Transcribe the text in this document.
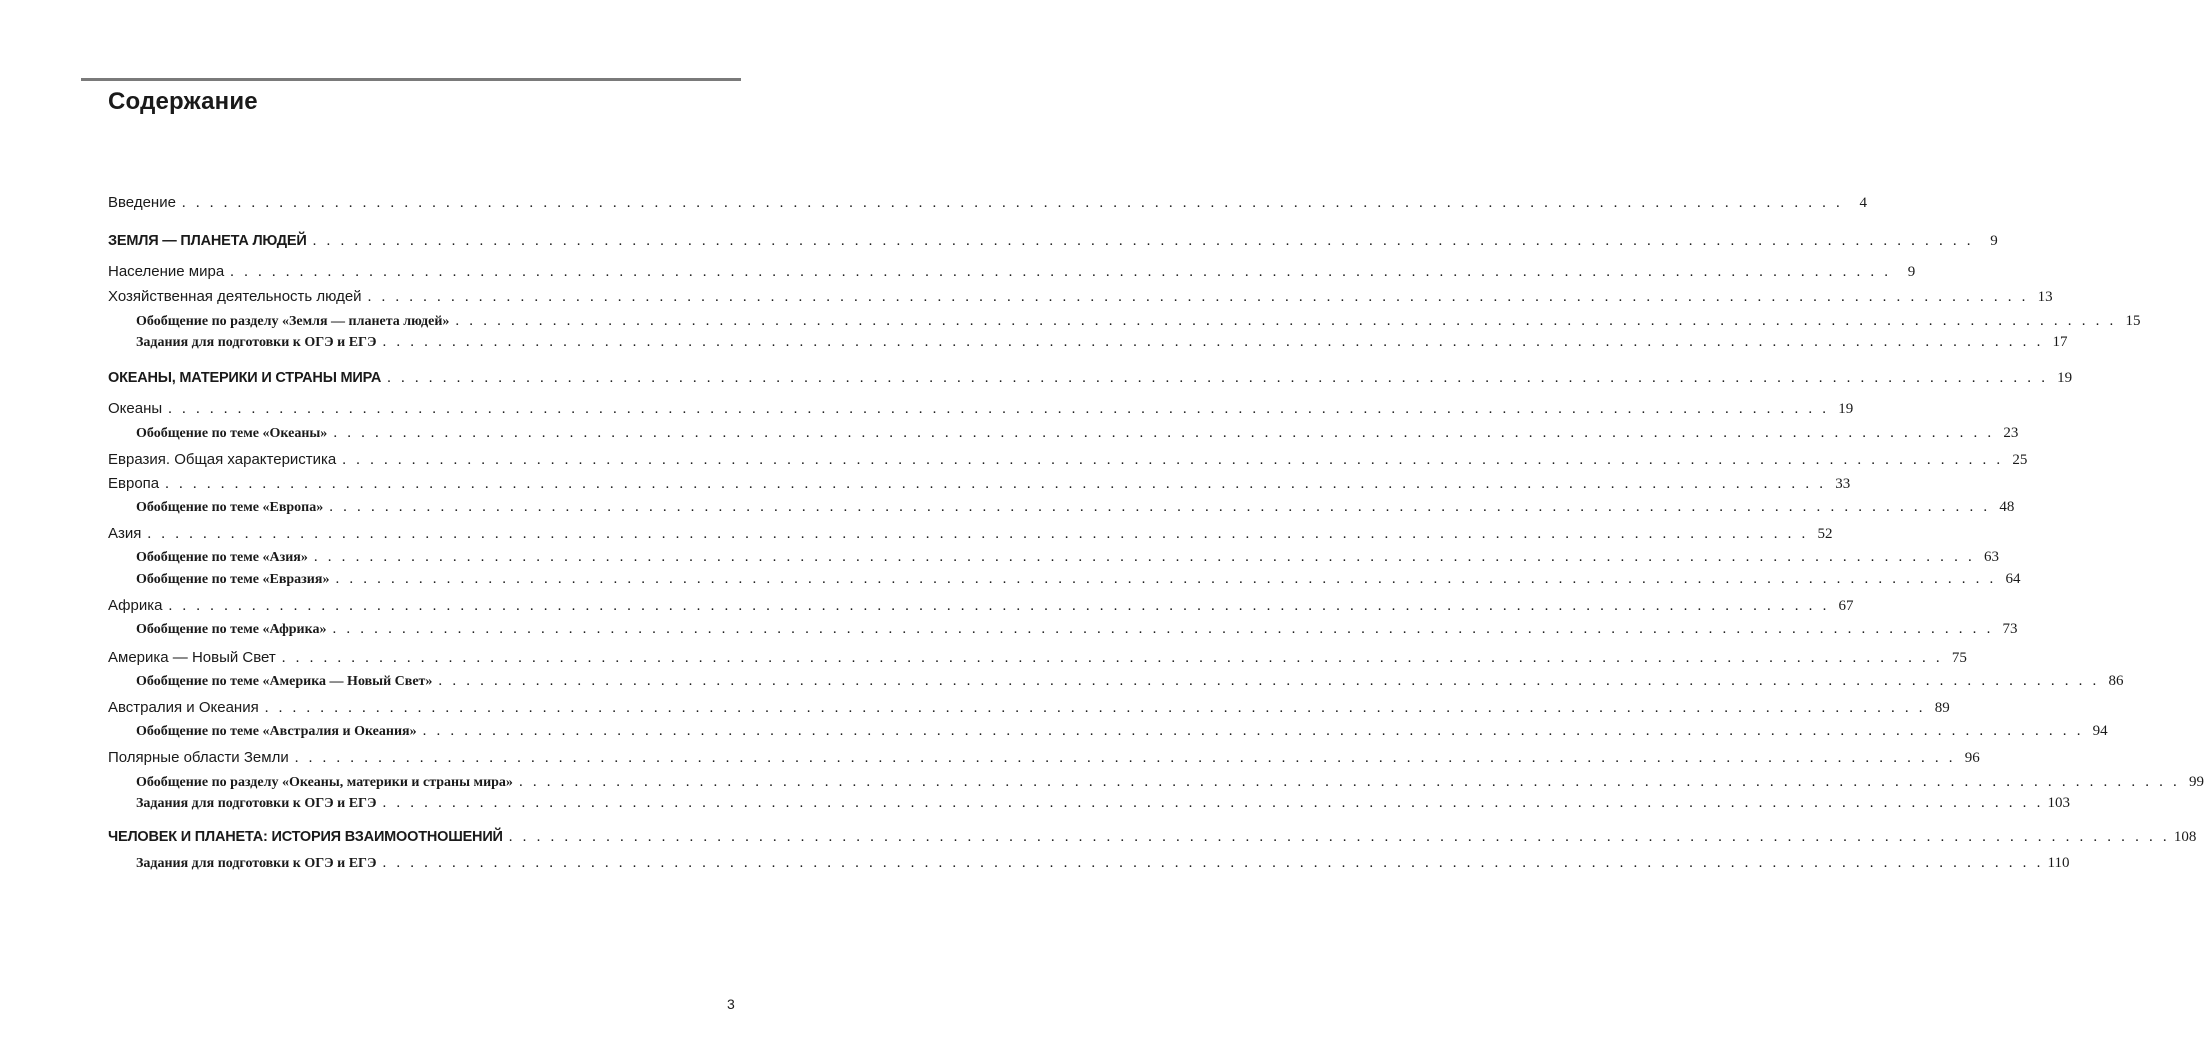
Содержание
Введение . . . . . . . . . . . . . . . . . . . . . . . . . . . . . . . . . . . . . . . . . . . . . . . . . . . . . . . . . . . . . . . . . . . . . . . . . . . . . . . . . . . . . . . . . . . . . . . . . . . . . . . . . . . . . . . . . . . . . . . .	4
ЗЕМЛЯ — ПЛАНЕТА ЛЮДЕЙ . . . . . . . . . . . . . . . . . . . . . . . . . . . . . . . . . . . . . . . . . . . . . . . . . . . . . . . . . . . . . . . . . . . . . . . . . . . . . . . . . . . . . . . . . . . . . . . . . . . . . . . . . . . . . . . . . . . . . . . .	9
Население мира . . . . . . . . . . . . . . . . . . . . . . . . . . . . . . . . . . . . . . . . . . . . . . . . . . . . . . . . . . . . . . . . . . . . . . . . . . . . . . . . . . . . . . . . . . . . . . . . . . . . . . . . . . . . . . . . . . . . . . . .	9
Хозяйственная деятельность людей . . . . . . . . . . . . . . . . . . . . . . . . . . . . . . . . . . . . . . . . . . . . . . . . . . . . . . . . . . . . . . . . . . . . . . . . . . . . . . . . . . . . . . . . . . . . . . . . . . . . . . . . . . . . . . . . . . . . . . . . 13
Обобщение по разделу «Земля — планета людей» . . . . . . . . . . . . . . . . . . . . . . . . . . . . . . . . . . . . . . . . . . . . . . . . . . . . . . . . . . . . . . . . . . . . . . . . . . . . . . . . . . . . . . . . . . . . . . . . . . . . . . . . . . . . . . . . . . . . . . . . 15
Задания для подготовки к ОГЭ и ЕГЭ . . . . . . . . . . . . . . . . . . . . . . . . . . . . . . . . . . . . . . . . . . . . . . . . . . . . . . . . . . . . . . . . . . . . . . . . . . . . . . . . . . . . . . . . . . . . . . . . . . . . . . . . . . . . . . . . . . . . . . . . 17
ОКЕАНЫ, МАТЕРИКИ И СТРАНЫ МИРА . . . . . . . . . . . . . . . . . . . . . . . . . . . . . . . . . . . . . . . . . . . . . . . . . . . . . . . . . . . . . . . . . . . . . . . . . . . . . . . . . . . . . . . . . . . . . . . . . . . . . . . . . . . . . . . . . . . . . . . . 19
Океаны . . . . . . . . . . . . . . . . . . . . . . . . . . . . . . . . . . . . . . . . . . . . . . . . . . . . . . . . . . . . . . . . . . . . . . . . . . . . . . . . . . . . . . . . . . . . . . . . . . . . . . . . . . . . . . . . . . . . . . . . 19
Обобщение по теме «Океаны» . . . . . . . . . . . . . . . . . . . . . . . . . . . . . . . . . . . . . . . . . . . . . . . . . . . . . . . . . . . . . . . . . . . . . . . . . . . . . . . . . . . . . . . . . . . . . . . . . . . . . . . . . . . . . . . . . . . . . . . . 23
Евразия. Общая характеристика . . . . . . . . . . . . . . . . . . . . . . . . . . . . . . . . . . . . . . . . . . . . . . . . . . . . . . . . . . . . . . . . . . . . . . . . . . . . . . . . . . . . . . . . . . . . . . . . . . . . . . . . . . . . . . . . . . . . . . . . 25
Европа . . . . . . . . . . . . . . . . . . . . . . . . . . . . . . . . . . . . . . . . . . . . . . . . . . . . . . . . . . . . . . . . . . . . . . . . . . . . . . . . . . . . . . . . . . . . . . . . . . . . . . . . . . . . . . . . . . . . . . . . 33
Обобщение по теме «Европа» . . . . . . . . . . . . . . . . . . . . . . . . . . . . . . . . . . . . . . . . . . . . . . . . . . . . . . . . . . . . . . . . . . . . . . . . . . . . . . . . . . . . . . . . . . . . . . . . . . . . . . . . . . . . . . . . . . . . . . . . 48
Азия . . . . . . . . . . . . . . . . . . . . . . . . . . . . . . . . . . . . . . . . . . . . . . . . . . . . . . . . . . . . . . . . . . . . . . . . . . . . . . . . . . . . . . . . . . . . . . . . . . . . . . . . . . . . . . . . . . . . . . . . 52
Обобщение по теме «Азия» . . . . . . . . . . . . . . . . . . . . . . . . . . . . . . . . . . . . . . . . . . . . . . . . . . . . . . . . . . . . . . . . . . . . . . . . . . . . . . . . . . . . . . . . . . . . . . . . . . . . . . . . . . . . . . . . . . . . . . . . 63
Обобщение по теме «Евразия» . . . . . . . . . . . . . . . . . . . . . . . . . . . . . . . . . . . . . . . . . . . . . . . . . . . . . . . . . . . . . . . . . . . . . . . . . . . . . . . . . . . . . . . . . . . . . . . . . . . . . . . . . . . . . . . . . . . . . . . . 64
Африка . . . . . . . . . . . . . . . . . . . . . . . . . . . . . . . . . . . . . . . . . . . . . . . . . . . . . . . . . . . . . . . . . . . . . . . . . . . . . . . . . . . . . . . . . . . . . . . . . . . . . . . . . . . . . . . . . . . . . . . . 67
Обобщение по теме «Африка» . . . . . . . . . . . . . . . . . . . . . . . . . . . . . . . . . . . . . . . . . . . . . . . . . . . . . . . . . . . . . . . . . . . . . . . . . . . . . . . . . . . . . . . . . . . . . . . . . . . . . . . . . . . . . . . . . . . . . . . . 73
Америка — Новый Свет . . . . . . . . . . . . . . . . . . . . . . . . . . . . . . . . . . . . . . . . . . . . . . . . . . . . . . . . . . . . . . . . . . . . . . . . . . . . . . . . . . . . . . . . . . . . . . . . . . . . . . . . . . . . . . . . . . . . . . . . 75
Обобщение по теме «Америка — Новый Свет» . . . . . . . . . . . . . . . . . . . . . . . . . . . . . . . . . . . . . . . . . . . . . . . . . . . . . . . . . . . . . . . . . . . . . . . . . . . . . . . . . . . . . . . . . . . . . . . . . . . . . . . . . . . . . . . . . . . . . . . . 86
Австралия и Океания . . . . . . . . . . . . . . . . . . . . . . . . . . . . . . . . . . . . . . . . . . . . . . . . . . . . . . . . . . . . . . . . . . . . . . . . . . . . . . . . . . . . . . . . . . . . . . . . . . . . . . . . . . . . . . . . . . . . . . . . 89
Обобщение по теме «Австралия и Океания» . . . . . . . . . . . . . . . . . . . . . . . . . . . . . . . . . . . . . . . . . . . . . . . . . . . . . . . . . . . . . . . . . . . . . . . . . . . . . . . . . . . . . . . . . . . . . . . . . . . . . . . . . . . . . . . . . . . . . . . . 94
Полярные области Земли . . . . . . . . . . . . . . . . . . . . . . . . . . . . . . . . . . . . . . . . . . . . . . . . . . . . . . . . . . . . . . . . . . . . . . . . . . . . . . . . . . . . . . . . . . . . . . . . . . . . . . . . . . . . . . . . . . . . . . . . 96
Обобщение по разделу «Океаны, материки и страны мира» . . . . . . . . . . . . . . . . . . . . . . . . . . . . . . . . . . . . . . . . . . . . . . . . . . . . . . . . . . . . . . . . . . . . . . . . . . . . . . . . . . . . . . . . . . . . . . . . . . . . . . . . . . . . . . . . . . . . . . . . 99
Задания для подготовки к ОГЭ и ЕГЭ . . . . . . . . . . . . . . . . . . . . . . . . . . . . . . . . . . . . . . . . . . . . . . . . . . . . . . . . . . . . . . . . . . . . . . . . . . . . . . . . . . . . . . . . . . . . . . . . . . . . . . . . . . . . . . . . . . . . . . . . 103
ЧЕЛОВЕК И ПЛАНЕТА: ИСТОРИЯ ВЗАИМООТНОШЕНИЙ . . . . . . . . . . . . . . . . . . . . . . . . . . . . . . . . . . . . . . . . . . . . . . . . . . . . . . . . . . . . . . . . . . . . . . . . . . . . . . . . . . . . . . . . . . . . . . . . . . . . . . . . . . . . . . . . . . . . . . . . 108
Задания для подготовки к ОГЭ и ЕГЭ . . . . . . . . . . . . . . . . . . . . . . . . . . . . . . . . . . . . . . . . . . . . . . . . . . . . . . . . . . . . . . . . . . . . . . . . . . . . . . . . . . . . . . . . . . . . . . . . . . . . . . . . . . . . . . . . . . . . . . . . 110
3
